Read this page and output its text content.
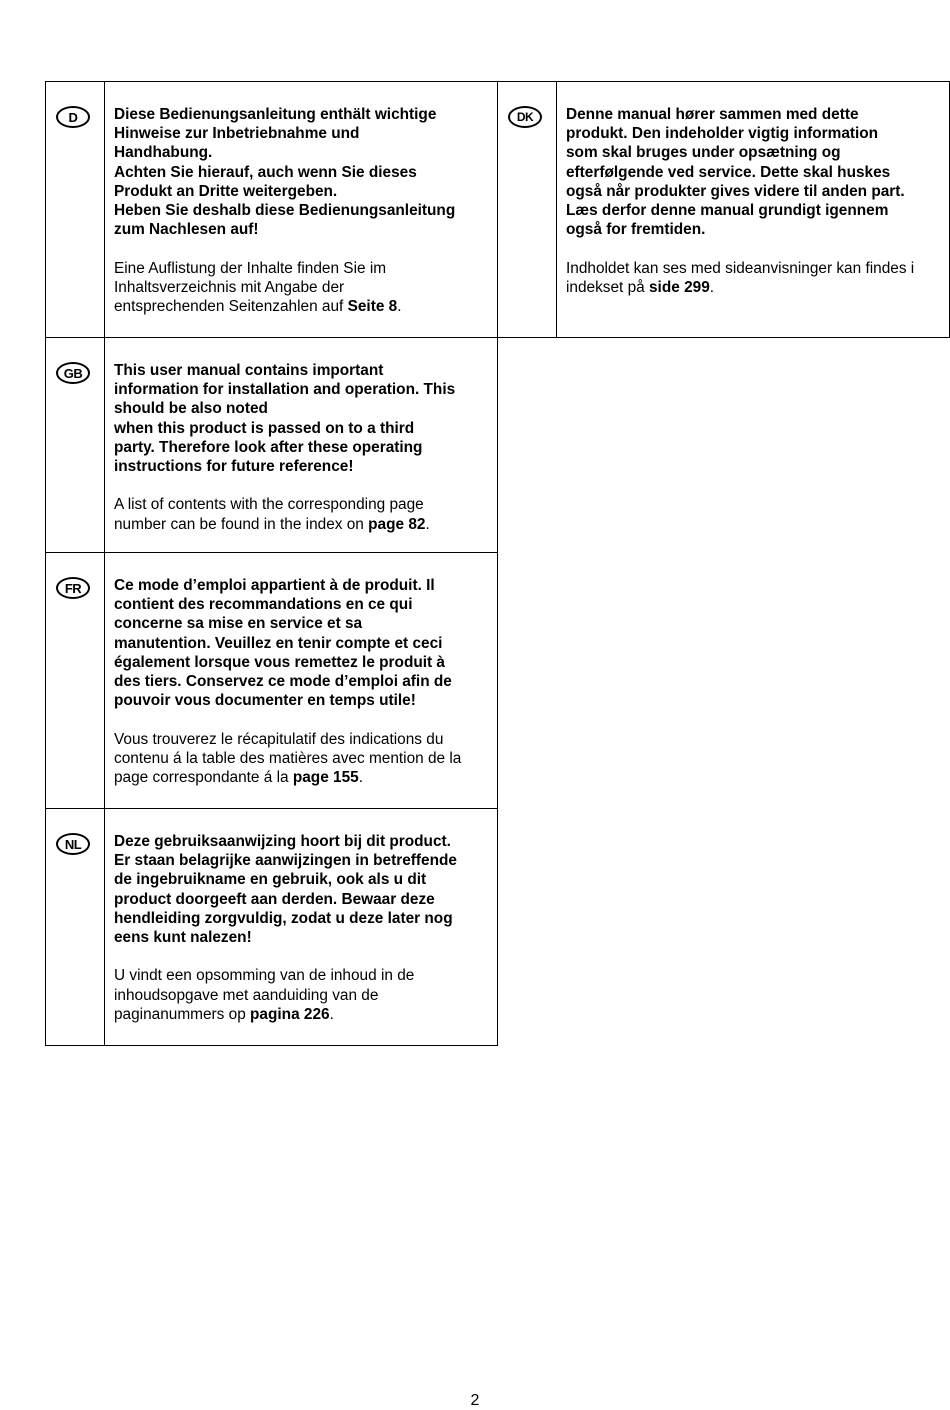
D	Diese Bedienungsanleitung enthält wichtige
Hinweise zur Inbetriebnahme und
Handhabung.
Achten Sie hierauf, auch wenn Sie dieses
Produkt an Dritte weitergeben.
Heben Sie deshalb diese Bedienungsanleitung
zum Nachlesen auf!

Eine Auflistung der Inhalte finden Sie im Inhaltsverzeichnis mit Angabe der entsprechenden Seitenzahlen auf Seite 8.

DK	Denne manual hører sammen med dette
produkt. Den indeholder vigtig information
som skal bruges under opsætning og
efterfølgende ved service. Dette skal huskes
også når produkter gives videre til anden part.
Læs derfor denne manual grundigt igennem
også for fremtiden.

Indholdet kan ses med sideanvisninger kan findes i indekset på side 299.

GB	This user manual contains important
information for installation and operation. This
should be also noted
when this product is passed on to a third
party. Therefore look after these operating
instructions for future reference!

A list of contents with the corresponding page number can be found in the index on page 82.

FR	Ce mode d’emploi appartient à de produit. Il
contient des recommandations en ce qui
concerne sa mise en service et sa
manutention. Veuillez en tenir compte et ceci
également lorsque vous remettez le produit à
des tiers. Conservez ce mode d’emploi afin de
pouvoir vous documenter en temps utile!

Vous trouverez le récapitulatif des indications du contenu á la table des matières avec mention de la page correspondante á la page 155.

NL	Deze gebruiksaanwijzing hoort bij dit product.
Er staan belagrijke aanwijzingen in betreffende
de ingebruikname en gebruik, ook als u dit
product doorgeeft aan derden. Bewaar deze
hendleiding zorgvuldig, zodat u deze later nog
eens kunt nalezen!

U vindt een opsomming van de inhoud in de inhoudsopgave met aanduiding van de paginanummers op pagina 226.

2
